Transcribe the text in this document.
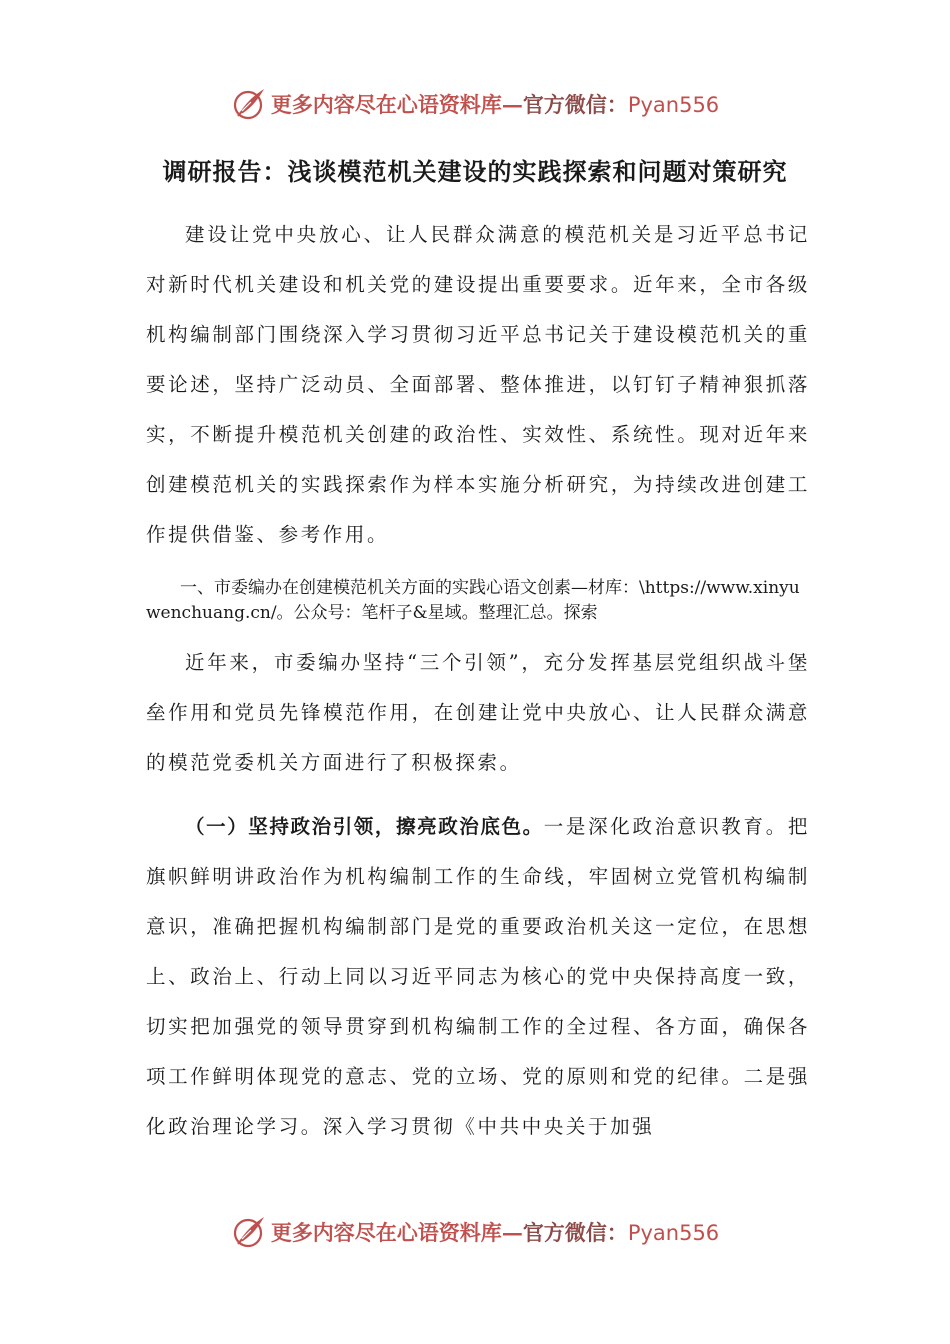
更多内容尽在心语资料库—官方微信：Pyan556
调研报告：浅谈模范机关建设的实践探索和问题对策研究

建设让党中央放心、让人民群众满意的模范机关是习近平总书记对新时代机关建设和机关党的建设提出重要要求。近年来，全市各级机构编制部门围绕深入学习贯彻习近平总书记关于建设模范机关的重要论述，坚持广泛动员、全面部署、整体推进，以钉钉子精神狠抓落实，不断提升模范机关创建的政治性、实效性、系统性。现对近年来创建模范机关的实践探索作为样本实施分析研究，为持续改进创建工作提供借鉴、参考作用。

一、市委编办在创建模范机关方面的实践心语文创素—材库：\https://www.xinyuwenchuang.cn/。公众号：笔杆子&星域。整理汇总。探索

近年来，市委编办坚持“三个引领”，充分发挥基层党组织战斗堡垒作用和党员先锋模范作用，在创建让党中央放心、让人民群众满意的模范党委机关方面进行了积极探索。

（一）坚持政治引领，擦亮政治底色。一是深化政治意识教育。把旗帜鲜明讲政治作为机构编制工作的生命线，牢固树立党管机构编制意识，准确把握机构编制部门是党的重要政治机关这一定位，在思想上、政治上、行动上同以习近平同志为核心的党中央保持高度一致，切实把加强党的领导贯穿到机构编制工作的全过程、各方面，确保各项工作鲜明体现党的意志、党的立场、党的原则和党的纪律。二是强化政治理论学习。深入学习贯彻《中共中央关于加强

更多内容尽在心语资料库—官方微信：Pyan556
